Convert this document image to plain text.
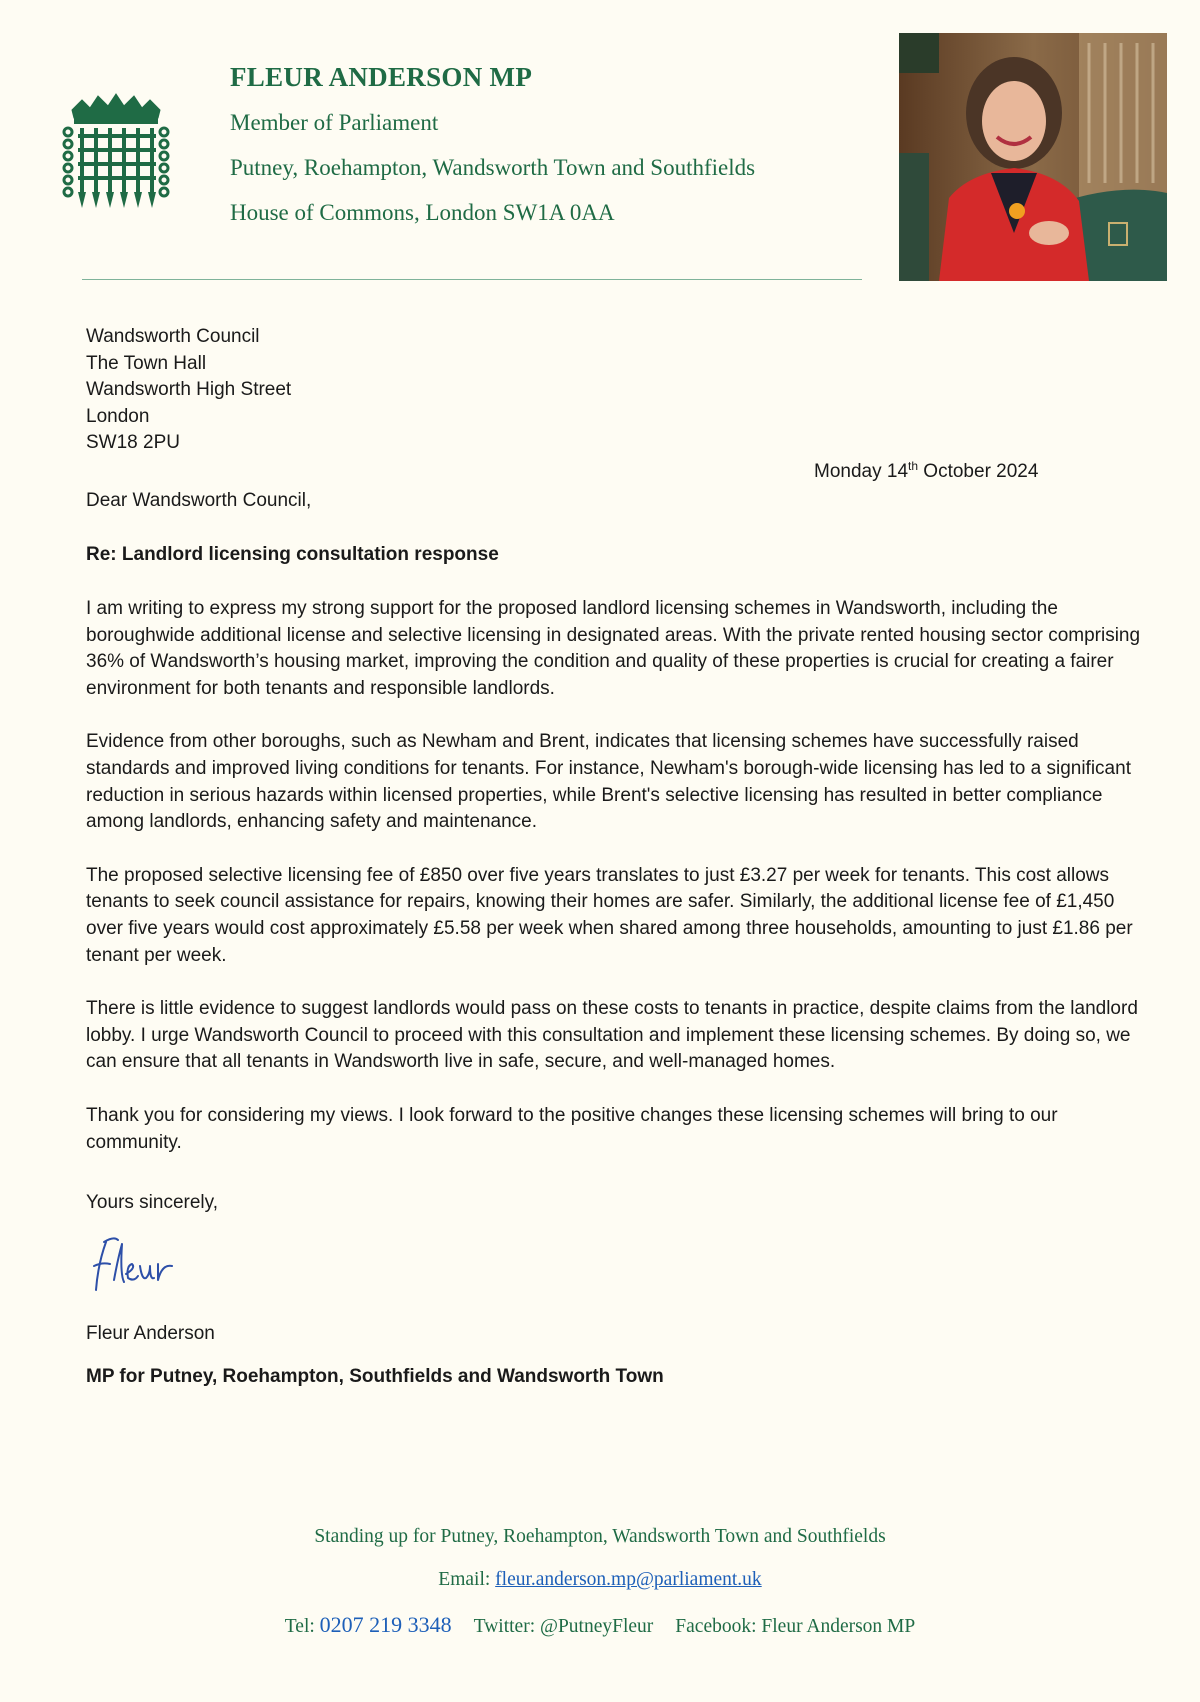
FLEUR ANDERSON MP
Member of Parliament
Putney, Roehampton, Wandsworth Town and Southfields
House of Commons, London SW1A 0AA
Wandsworth Council
The Town Hall
Wandsworth High Street
London
SW18 2PU
Monday 14th October 2024
Dear Wandsworth Council,
Re: Landlord licensing consultation response

I am writing to express my strong support for the proposed landlord licensing schemes in Wandsworth, including the boroughwide additional license and selective licensing in designated areas. With the private rented housing sector comprising 36% of Wandsworth’s housing market, improving the condition and quality of these properties is crucial for creating a fairer environment for both tenants and responsible landlords.

Evidence from other boroughs, such as Newham and Brent, indicates that licensing schemes have successfully raised standards and improved living conditions for tenants. For instance, Newham's borough-wide licensing has led to a significant reduction in serious hazards within licensed properties, while Brent's selective licensing has resulted in better compliance among landlords, enhancing safety and maintenance.

The proposed selective licensing fee of £850 over five years translates to just £3.27 per week for tenants. This cost allows tenants to seek council assistance for repairs, knowing their homes are safer. Similarly, the additional license fee of £1,450 over five years would cost approximately £5.58 per week when shared among three households, amounting to just £1.86 per tenant per week.

There is little evidence to suggest landlords would pass on these costs to tenants in practice, despite claims from the landlord lobby. I urge Wandsworth Council to proceed with this consultation and implement these licensing schemes. By doing so, we can ensure that all tenants in Wandsworth live in safe, secure, and well-managed homes.

Thank you for considering my views. I look forward to the positive changes these licensing schemes will bring to our community.

Yours sincerely,
Fleur Anderson
MP for Putney, Roehampton, Southfields and Wandsworth Town
Standing up for Putney, Roehampton, Wandsworth Town and Southfields
Email: fleur.anderson.mp@parliament.uk
Tel: 0207 219 3348 Twitter: @PutneyFleur Facebook: Fleur Anderson MP
